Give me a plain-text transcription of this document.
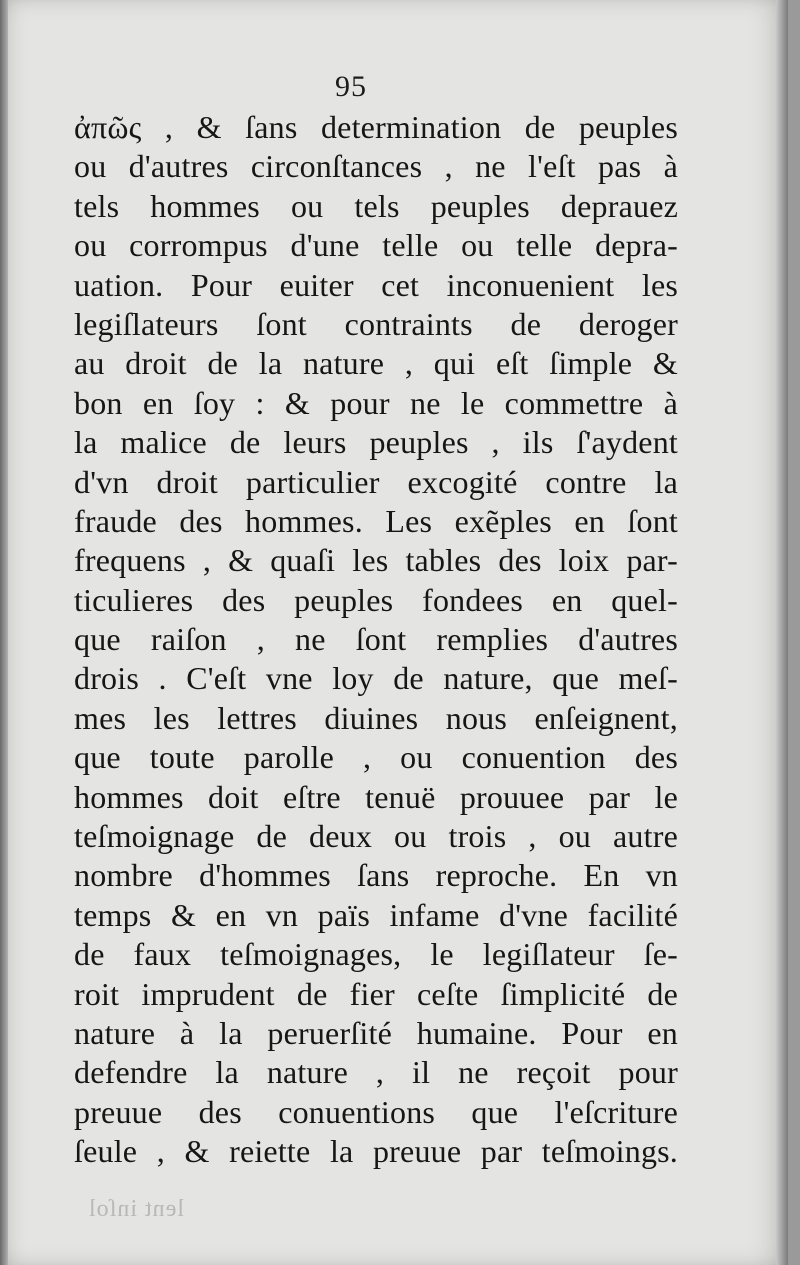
95
ἀπῶς , & ſans determination de peuples
ou d'autres circonſtances , ne l'eſt pas à
tels hommes ou tels peuples deprauez
ou corrompus d'une telle ou telle depra-
uation. Pour euiter cet inconuenient les
legiſlateurs ſont contraints de deroger
au droit de la nature , qui eſt ſimple &
bon en ſoy : & pour ne le commettre à
la malice de leurs peuples , ils ſ'aydent
d'vn droit particulier excogité contre la
fraude des hommes. Les exẽples en ſont
frequens , & quaſi les tables des loix par-
ticulieres des peuples fondees en quel-
que raiſon , ne ſont remplies d'autres
drois . C'eſt vne loy de nature, que meſ-
mes les lettres diuines nous enſeignent,
que toute parolle , ou conuention des
hommes doit eſtre tenuë prouuee par le
teſmoignage de deux ou trois , ou autre
nombre d'hommes ſans reproche. En vn
temps & en vn païs infame d'vne facilité
de faux teſmoignages, le legiſlateur ſe-
roit imprudent de fier ceſte ſimplicité de
nature à la peruerſité humaine. Pour en
defendre la nature , il ne reçoit pour
preuue des conuentions que l'eſcriture
ſeule , & reiette la preuue par teſmoings.
lent inſol
